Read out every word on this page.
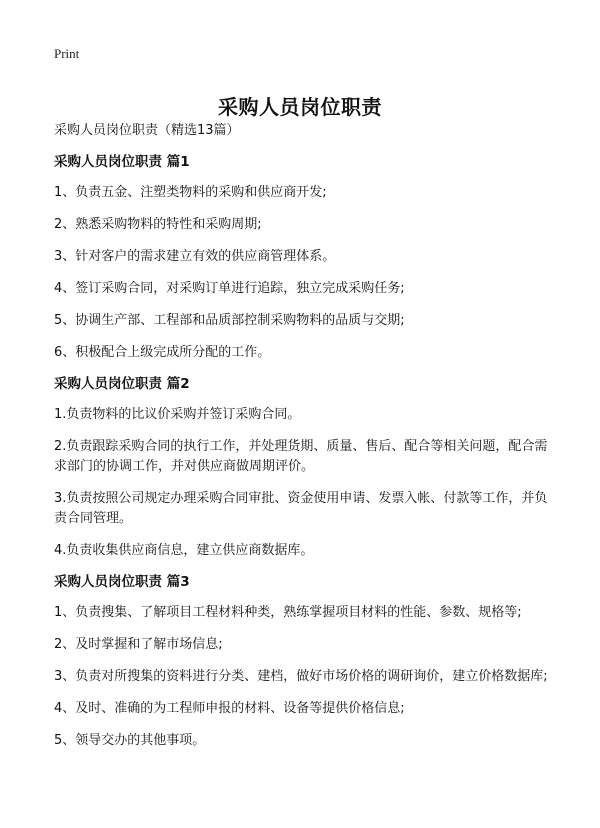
Print
采购人员岗位职责
采购人员岗位职责（精选13篇）
采购人员岗位职责 篇1
1、负责五金、注塑类物料的采购和供应商开发;
2、熟悉采购物料的特性和采购周期;
3、针对客户的需求建立有效的供应商管理体系。
4、签订采购合同，对采购订单进行追踪，独立完成采购任务;
5、协调生产部、工程部和品质部控制采购物料的品质与交期;
6、积极配合上级完成所分配的工作。
采购人员岗位职责 篇2
1.负责物料的比议价采购并签订采购合同。
2.负责跟踪采购合同的执行工作，并处理货期、质量、售后、配合等相关问题，配合需求部门的协调工作，并对供应商做周期评价。
3.负责按照公司规定办理采购合同审批、资金使用申请、发票入帐、付款等工作，并负责合同管理。
4.负责收集供应商信息，建立供应商数据库。
采购人员岗位职责 篇3
1、负责搜集、了解项目工程材料种类，熟练掌握项目材料的性能、参数、规格等;
2、及时掌握和了解市场信息;
3、负责对所搜集的资料进行分类、建档，做好市场价格的调研询价，建立价格数据库;
4、及时、准确的为工程师申报的材料、设备等提供价格信息;
5、领导交办的其他事项。
